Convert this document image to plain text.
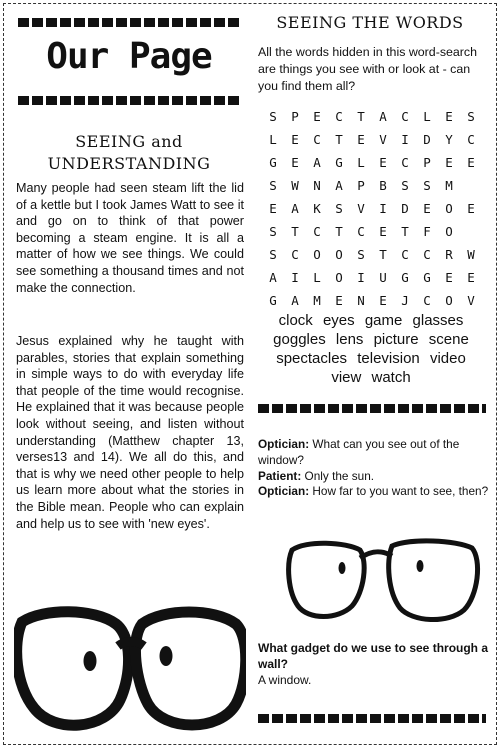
Our Page
SEEING and
UNDERSTANDING
Many people had seen steam lift the lid of a kettle but I took James Watt to see it and go on to think of that power becoming a steam engine. It is all a matter of how we see things. We could see something a thousand times and not make the connection.
Jesus explained why he taught with parables, stories that explain something in simple ways to do with everyday life that people of the time would recognise. He explained that it was because people look without seeing, and listen without understanding (Matthew chapter 13, verses13 and 14). We all do this, and that is why we need other people to help us learn more about what the stories in the Bible mean. People who can explain and help us to see with 'new eyes'.
SEEING THE WORDS
All the words hidden in this word-search are things you see with or look at - can you find them all?
S	P	E	C	T	A	C	L	E	S
L	E	C	T	E	V	I	D	Y	C
G	E	A	G	L	E	C	P	E	E
S	W	N	A	P	B	S	S	M
E	A	K	S	V	I	D	E	O	E
S	T	C	T	C	E	T	F	O
S	C	O	O	S	T	C	C	R	W
A	I	L	O	I	U	G	G	E	E
G	A	M	E	N	E	J	C	O	V
clock eyes game glasses goggles lens picture scene spectacles television video view watch
Optician: What can you see out of the window?
Patient: Only the sun.
Optician: How far to you want to see, then?
What gadget do we use to see through a wall?
A window.
